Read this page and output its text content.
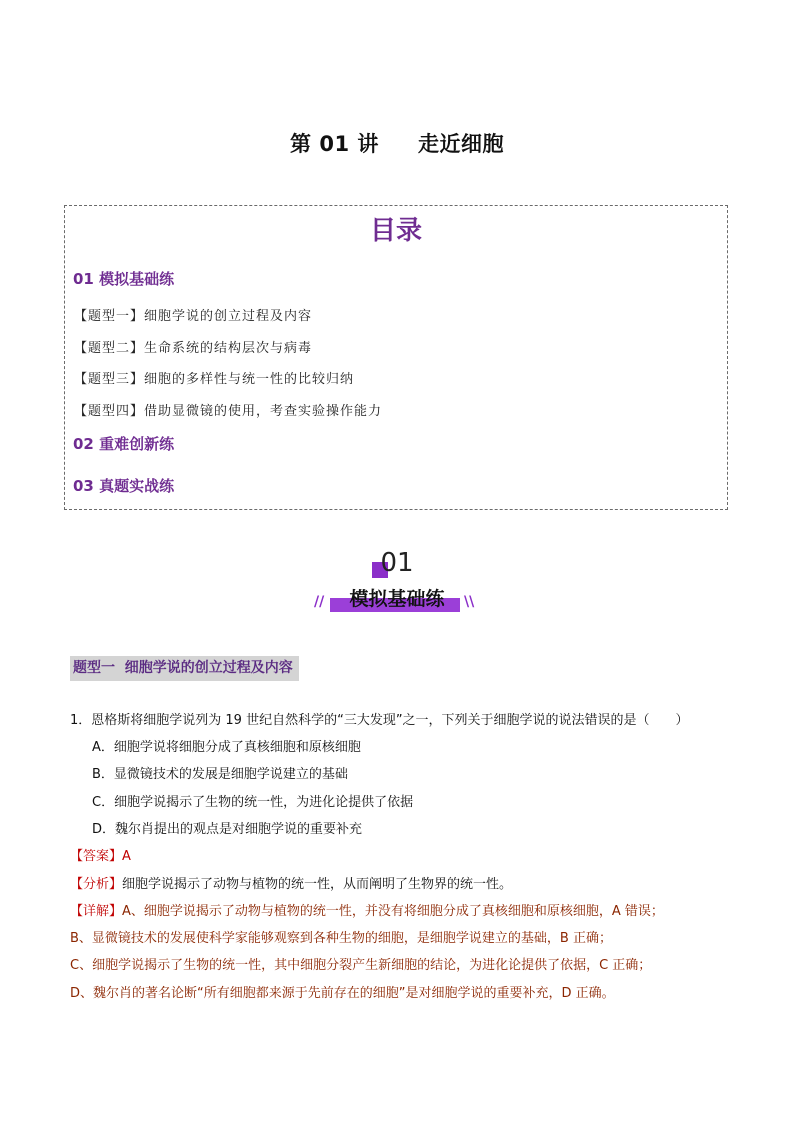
第 01 讲     走近细胞
目录
01 模拟基础练
【题型一】细胞学说的创立过程及内容
【题型二】生命系统的结构层次与病毒
【题型三】细胞的多样性与统一性的比较归纳
【题型四】借助显微镜的使用，考查实验操作能力
02 重难创新练
03 真题实战练
01
//	\\
模拟基础练
题型一  细胞学说的创立过程及内容
1．恩格斯将细胞学说列为 19 世纪自然科学的“三大发现”之一，下列关于细胞学说的说法错误的是（　　）
A．细胞学说将细胞分成了真核细胞和原核细胞
B．显微镜技术的发展是细胞学说建立的基础
C．细胞学说揭示了生物的统一性，为进化论提供了依据
D．魏尔肖提出的观点是对细胞学说的重要补充
【答案】A
【分析】细胞学说揭示了动物与植物的统一性，从而阐明了生物界的统一性。
【详解】A、细胞学说揭示了动物与植物的统一性，并没有将细胞分成了真核细胞和原核细胞，A 错误；
B、显微镜技术的发展使科学家能够观察到各种生物的细胞，是细胞学说建立的基础，B 正确；
C、细胞学说揭示了生物的统一性，其中细胞分裂产生新细胞的结论，为进化论提供了依据，C 正确；
D、魏尔肖的著名论断“所有细胞都来源于先前存在的细胞”是对细胞学说的重要补充，D 正确。
